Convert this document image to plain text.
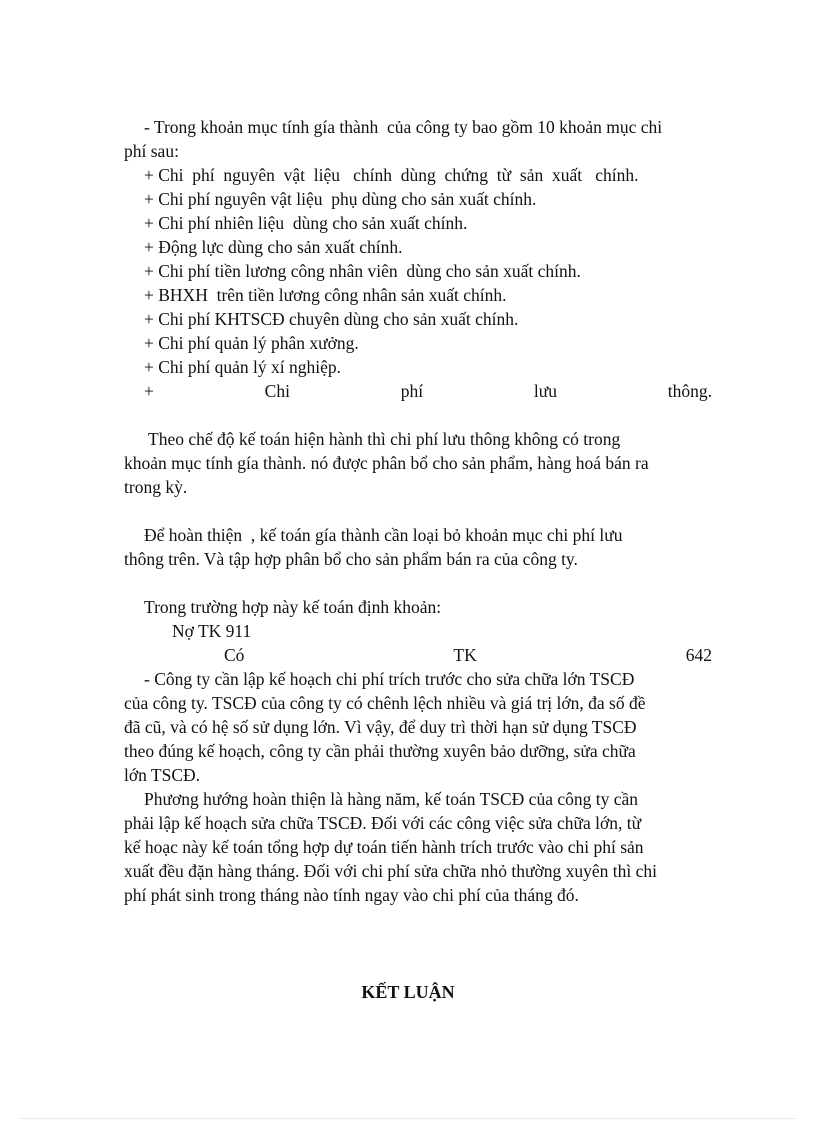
- Trong khoản mục tính gía thành  của công ty bao gồm 10 khoản mục chi
phí sau:
+ Chi  phí  nguyên  vật  liệu   chính  dùng  chứng  từ  sản  xuất   chính.
+ Chi phí nguyên vật liệu  phụ dùng cho sản xuất chính.
+ Chi phí nhiên liệu  dùng cho sản xuất chính.
+ Động lực dùng cho sản xuất chính.
+ Chi phí tiền lương công nhân viên  dùng cho sản xuất chính.
+ BHXH  trên tiền lương công nhân sản xuất chính.
+ Chi phí KHTSCĐ chuyên dùng cho sản xuất chính.
+ Chi phí quản lý phân xưởng.
+ Chi phí quản lý xí nghiệp.
+	Chi	phí	lưu	thông.
Theo chế độ kế toán hiện hành thì chi phí lưu thông không có trong
khoản mục tính gía thành. nó được phân bổ cho sản phẩm, hàng hoá bán ra
trong kỳ.
Để hoàn thiện  , kế toán gía thành cần loại bỏ khoản mục chi phí lưu
thông trên. Và tập hợp phân bổ cho sản phẩm bán ra của công ty.
Trong trường hợp này kế toán định khoản:
Nợ TK 911
Có	TK	642
- Công ty cần lập kế hoạch chi phí trích trước cho sửa chữa lớn TSCĐ
của công ty. TSCĐ của công ty có chênh lệch nhiều và giá trị lớn, đa số đề
đã cũ, và có hệ số sử dụng lớn. Vì vậy, để duy trì thời hạn sử dụng TSCĐ
theo đúng kế hoạch, công ty cần phải thường xuyên bảo dưỡng, sửa chữa
lớn TSCĐ.
Phương hướng hoàn thiện là hàng năm, kế toán TSCĐ của công ty cần
phải lập kế hoạch sửa chữa TSCĐ. Đối với các công việc sửa chữa lớn, từ
kế hoạc này kế toán tổng hợp dự toán tiến hành trích trước vào chi phí sản
xuất đều đặn hàng tháng. Đối với chi phí sửa chữa nhỏ thường xuyên thì chi
phí phát sinh trong tháng nào tính ngay vào chi phí của tháng đó.
KẾT LUẬN
